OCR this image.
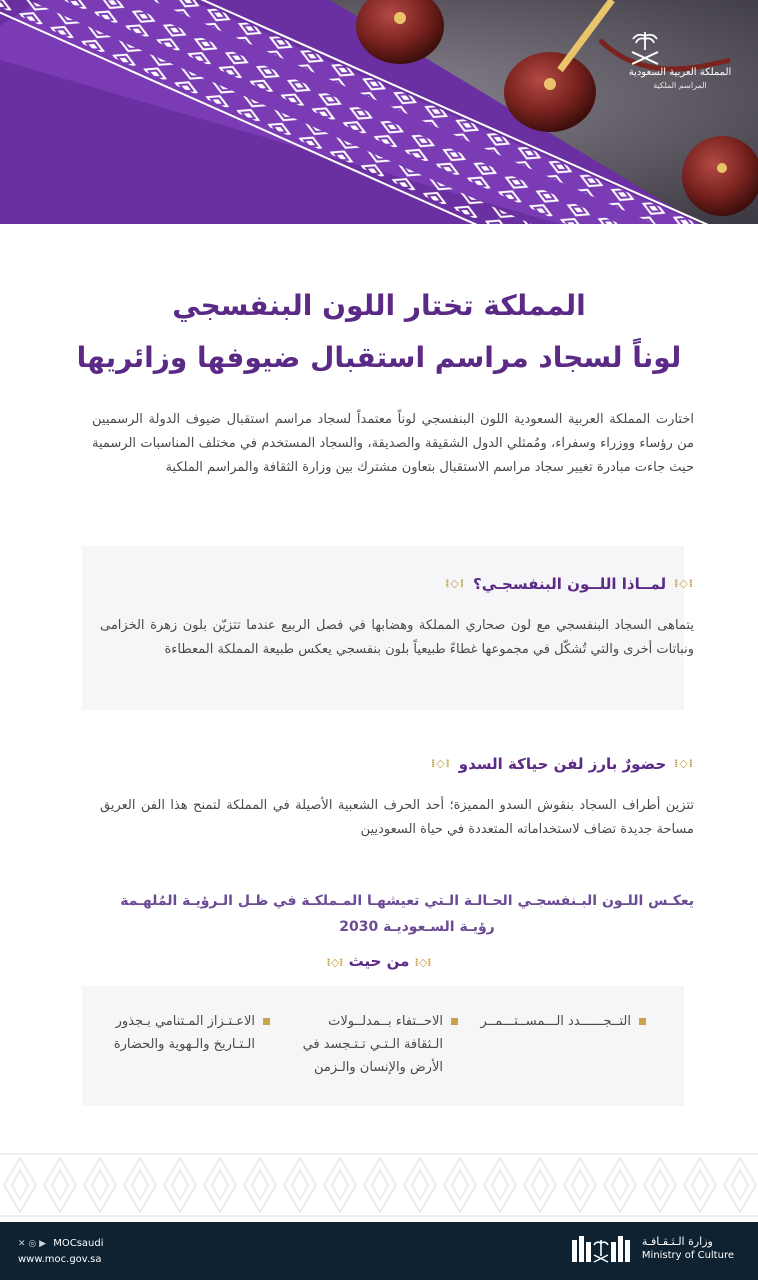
المملكة العربية السعودية
المراسم الملكية
المملكة تختار اللون البنفسجي
لوناً لسجاد مراسم استقبال ضيوفها وزائريها
اختارت المملكة العربية السعودية اللون البنفسجي لوناً معتمداً لسجاد مراسم استقبال ضيوف الدولة الرسميين من رؤساء ووزراء وسفراء، ومُمثلي الدول الشقيقة والصديقة، والسجاد المستخدم في مختلف المناسبات الرسمية حيث جاءت مبادرة تغيير سجاد مراسم الاستقبال بتعاون مشترك بين وزارة الثقافة والمراسم الملكية
⁞◇⁞
لمــاذا اللــون البنفسجـي؟
⁞◇⁞
يتماهى السجاد البنفسجي مع لون صحاري المملكة وهضابها في فصل الربيع عندما تتزيّن بلون زهرة الخزامى ونباتات أخرى والتي تُشكّل في مجموعها غطاءً طبيعياً بلون بنفسجي يعكس طبيعة المملكة المعطاءة
⁞◇⁞
حضورٌ بارز لفن حياكة السدو
⁞◇⁞
تتزين أطراف السجاد بنقوش السدو المميزة؛ أحد الحرف الشعبية الأصيلة في المملكة لتمنح هذا الفن العريق مساحة جديدة تضاف لاستخداماته المتعددة في حياة السعوديين
يعكـس اللـون البـنفسجـي الحـالـة الـتي تعيشهـا المـملكـة في ظـل الـرؤيـة المُلهـمة
رؤيـة السـعوديـة 2030
⁞◇⁞ من حيث ⁞◇⁞
التــجــــــدد الـــمســتـــمــر
الاحــتفاء بــمدلــولات الـثقافة الـتـي تـتـجسد في الأرض والإنسان والـزمن
الاعـتـزاز المـتنامي بـجذور الـتـاريخ والـهوية والحضارة
✕ ◎ ▶ MOCsaudi
www.moc.gov.sa
وزارة الـثـقـافـة
Ministry of Culture
